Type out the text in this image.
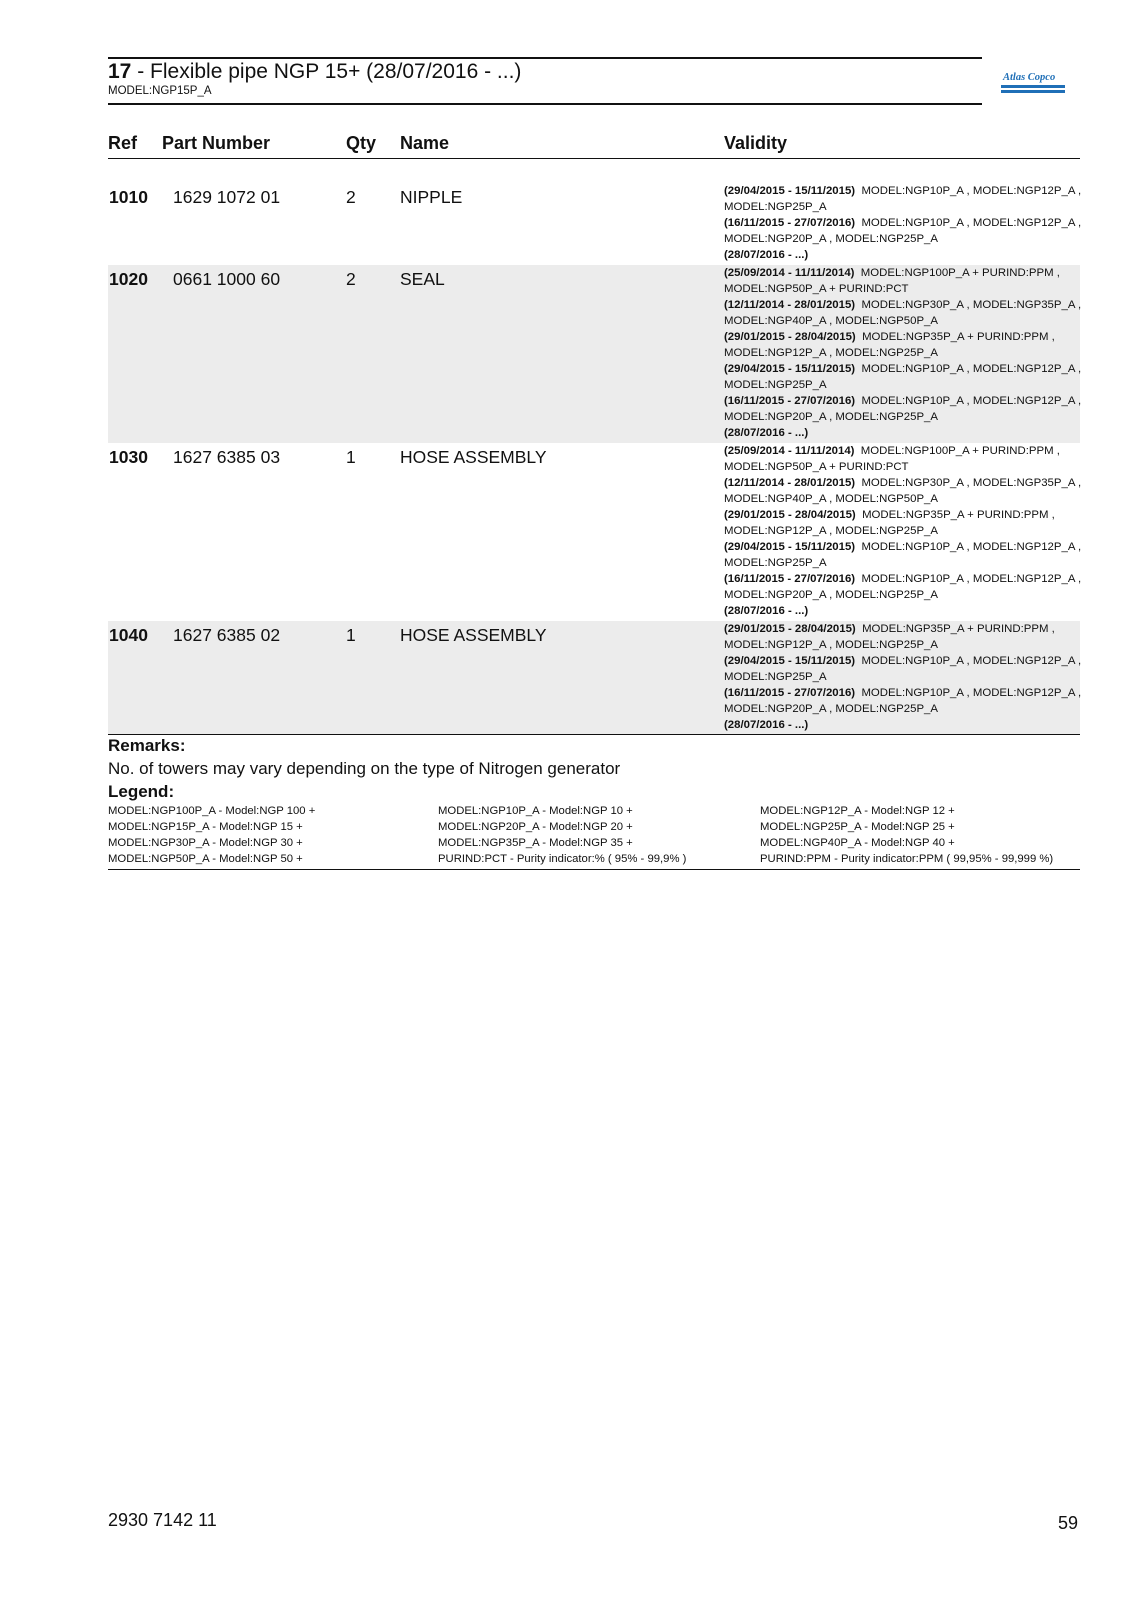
17 - Flexible pipe NGP 15+ (28/07/2016 - ...)
MODEL:NGP15P_A
Atlas Copco
Ref Part Number	Qty Name	Validity
1010 1629 1072 01	2	NIPPLE	(29/04/2015 - 15/11/2015)  MODEL:NGP10P_A , MODEL:NGP12P_A ,
MODEL:NGP25P_A
(16/11/2015 - 27/07/2016)  MODEL:NGP10P_A , MODEL:NGP12P_A ,
MODEL:NGP20P_A , MODEL:NGP25P_A
(28/07/2016 - ...)
1020 0661 1000 60	2	SEAL	(25/09/2014 - 11/11/2014)  MODEL:NGP100P_A + PURIND:PPM ,
MODEL:NGP50P_A + PURIND:PCT
(12/11/2014 - 28/01/2015)  MODEL:NGP30P_A , MODEL:NGP35P_A ,
MODEL:NGP40P_A , MODEL:NGP50P_A
(29/01/2015 - 28/04/2015)  MODEL:NGP35P_A + PURIND:PPM ,
MODEL:NGP12P_A , MODEL:NGP25P_A
(29/04/2015 - 15/11/2015)  MODEL:NGP10P_A , MODEL:NGP12P_A ,
MODEL:NGP25P_A
(16/11/2015 - 27/07/2016)  MODEL:NGP10P_A , MODEL:NGP12P_A ,
MODEL:NGP20P_A , MODEL:NGP25P_A
(28/07/2016 - ...)
1030 1627 6385 03	1	HOSE ASSEMBLY	(25/09/2014 - 11/11/2014)  MODEL:NGP100P_A + PURIND:PPM ,
MODEL:NGP50P_A + PURIND:PCT
(12/11/2014 - 28/01/2015)  MODEL:NGP30P_A , MODEL:NGP35P_A ,
MODEL:NGP40P_A , MODEL:NGP50P_A
(29/01/2015 - 28/04/2015)  MODEL:NGP35P_A + PURIND:PPM ,
MODEL:NGP12P_A , MODEL:NGP25P_A
(29/04/2015 - 15/11/2015)  MODEL:NGP10P_A , MODEL:NGP12P_A ,
MODEL:NGP25P_A
(16/11/2015 - 27/07/2016)  MODEL:NGP10P_A , MODEL:NGP12P_A ,
MODEL:NGP20P_A , MODEL:NGP25P_A
(28/07/2016 - ...)
1040 1627 6385 02	1	HOSE ASSEMBLY	(29/01/2015 - 28/04/2015)  MODEL:NGP35P_A + PURIND:PPM ,
MODEL:NGP12P_A , MODEL:NGP25P_A
(29/04/2015 - 15/11/2015)  MODEL:NGP10P_A , MODEL:NGP12P_A ,
MODEL:NGP25P_A
(16/11/2015 - 27/07/2016)  MODEL:NGP10P_A , MODEL:NGP12P_A ,
MODEL:NGP20P_A , MODEL:NGP25P_A
(28/07/2016 - ...)
Remarks:
No. of towers may vary depending on the type of Nitrogen generator
Legend:
MODEL:NGP100P_A - Model:NGP 100 +	MODEL:NGP10P_A - Model:NGP 10 +	MODEL:NGP12P_A - Model:NGP 12 +
MODEL:NGP15P_A - Model:NGP 15 +	MODEL:NGP20P_A - Model:NGP 20 +	MODEL:NGP25P_A - Model:NGP 25 +
MODEL:NGP30P_A - Model:NGP 30 +	MODEL:NGP35P_A - Model:NGP 35 +	MODEL:NGP40P_A - Model:NGP 40 +
MODEL:NGP50P_A - Model:NGP 50 +	PURIND:PCT - Purity indicator:% ( 95% - 99,9% )	PURIND:PPM - Purity indicator:PPM ( 99,95% - 99,999 %)
2930 7142 11	59
